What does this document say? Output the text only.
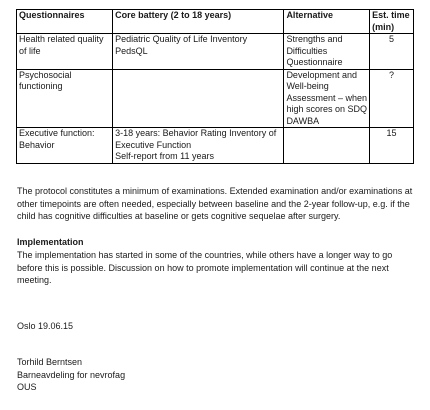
Questionnaires	Core battery (2 to 18 years)	Alternative	Est. time (min)

Health related quality
of life	Pediatric Quality of Life Inventory
PedsQL	Strengths and
Difficulties
Questionnaire	5

Psychosocial
functioning		Development and
Well-being
Assessment – when
high scores on SDQ
DAWBA	?

Executive function:
Behavior	3-18 years: Behavior Rating Inventory of
Executive Function
Self-report from 11 years		15
The protocol constitutes a minimum of examinations. Extended examination and/or examinations at
other timepoints are often needed, especially between baseline and the 2-year follow-up, e.g. if the
child has cognitive difficulties at baseline or gets cognitive sequelae after surgery.
Implementation
The implementation has started in some of the countries, while others have a longer way to go
before this is possible. Discussion on how to promote implementation will continue at the next
meeting.
Oslo 19.06.15
Torhild Berntsen
Barneavdeling for nevrofag
OUS
